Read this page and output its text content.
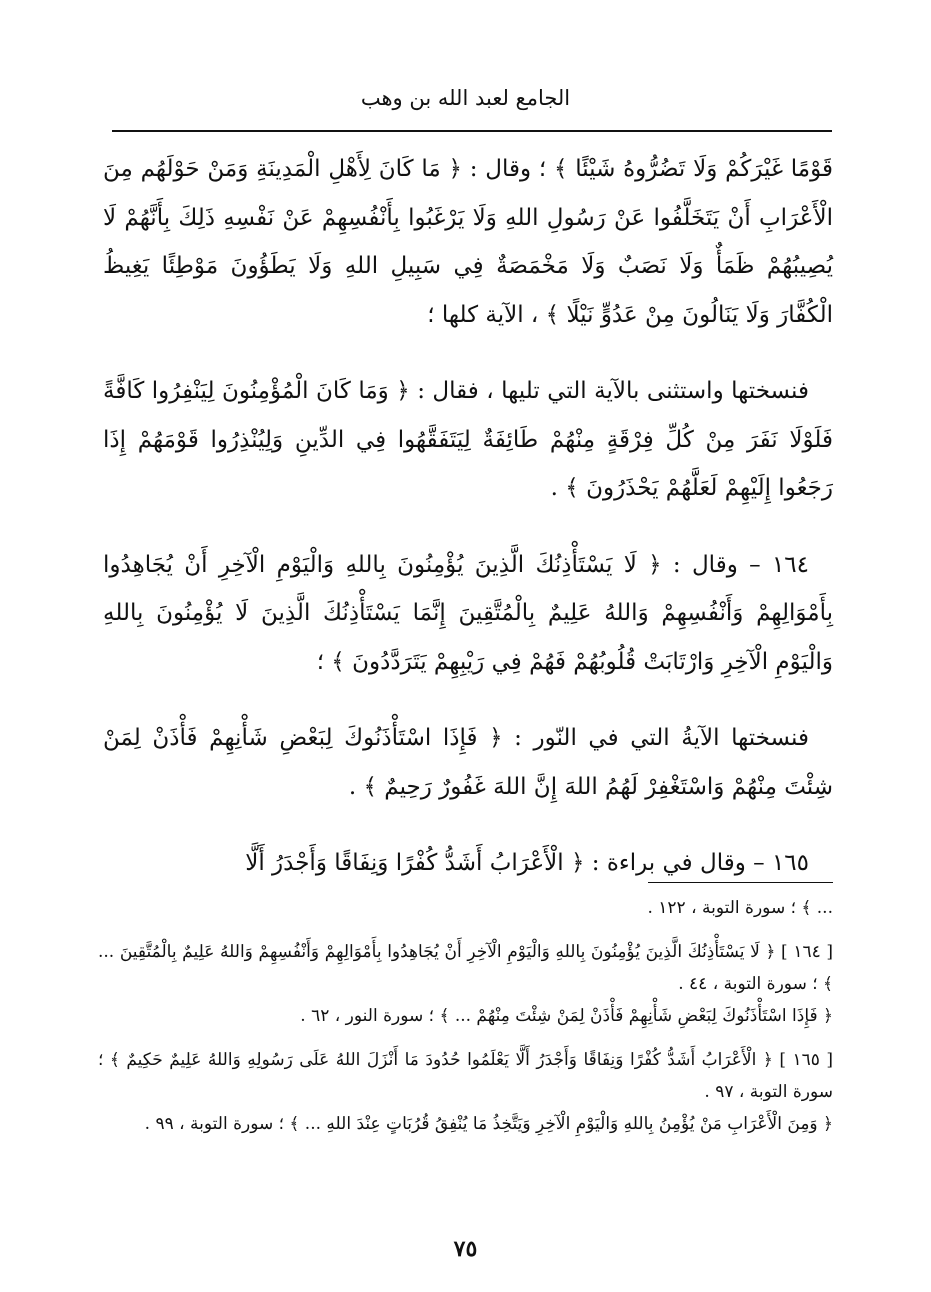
الجامع لعبد الله بن وهب

قَوْمًا غَيْرَكُمْ وَلَا تَضُرُّوهُ شَيْئًا ﴾ ؛ وقال : ﴿ مَا كَانَ لِأَهْلِ الْمَدِينَةِ وَمَنْ حَوْلَهُم مِنَ الْأَعْرَابِ أَنْ يَتَخَلَّفُوا عَنْ رَسُولِ اللهِ وَلَا يَرْغَبُوا بِأَنْفُسِهِمْ عَنْ نَفْسِهِ ذَلِكَ بِأَنَّهُمْ لَا يُصِيبُهُمْ ظَمَأٌ وَلَا نَصَبٌ وَلَا مَخْمَصَةٌ فِي سَبِيلِ اللهِ وَلَا يَطَؤُونَ مَوْطِئًا يَغِيظُ الْكُفَّارَ وَلَا يَنَالُونَ مِنْ عَدُوٍّ نَيْلًا ﴾ ، الآية كلها ؛

فنسختها واستثنى بالآية التي تليها ، فقال : ﴿ وَمَا كَانَ الْمُؤْمِنُونَ لِيَنْفِرُوا كَافَّةً فَلَوْلَا نَفَرَ مِنْ كُلِّ فِرْقَةٍ مِنْهُمْ طَائِفَةٌ لِيَتَفَقَّهُوا فِي الدِّينِ وَلِيُنْذِرُوا قَوْمَهُمْ إِذَا رَجَعُوا إِلَيْهِمْ لَعَلَّهُمْ يَحْذَرُونَ ﴾ .

١٦٤ – وقال : ﴿ لَا يَسْتَأْذِنُكَ الَّذِينَ يُؤْمِنُونَ بِاللهِ وَالْيَوْمِ الْآخِرِ أَنْ يُجَاهِدُوا بِأَمْوَالِهِمْ وَأَنْفُسِهِمْ وَاللهُ عَلِيمٌ بِالْمُتَّقِينَ إِنَّمَا يَسْتَأْذِنُكَ الَّذِينَ لَا يُؤْمِنُونَ بِاللهِ وَالْيَوْمِ الْآخِرِ وَارْتَابَتْ قُلُوبُهُمْ فَهُمْ فِي رَيْبِهِمْ يَتَرَدَّدُونَ ﴾ ؛

فنسختها الآيةُ التي في النّور : ﴿ فَإِذَا اسْتَأْذَنُوكَ لِبَعْضِ شَأْنِهِمْ فَأْذَنْ لِمَنْ شِئْتَ مِنْهُمْ وَاسْتَغْفِرْ لَهُمُ اللهَ إِنَّ اللهَ غَفُورٌ رَحِيمٌ ﴾ .

١٦٥ – وقال في براءة : ﴿ الْأَعْرَابُ أَشَدُّ كُفْرًا وَنِفَاقًا وَأَجْدَرُ أَلَّا

... ﴾ ؛ سورة التوبة ، ١٢٢ .

[ ١٦٤ ] ﴿ لَا يَسْتَأْذِنُكَ الَّذِينَ يُؤْمِنُونَ بِاللهِ وَالْيَوْمِ الْآخِرِ أَنْ يُجَاهِدُوا بِأَمْوَالِهِمْ وَأَنْفُسِهِمْ وَاللهُ عَلِيمٌ بِالْمُتَّقِينَ ... ﴾ ؛ سورة التوبة ، ٤٤ .

﴿ فَإِذَا اسْتَأْذَنُوكَ لِبَعْضِ شَأْنِهِمْ فَأْذَنْ لِمَنْ شِئْتَ مِنْهُمْ ... ﴾ ؛ سورة النور ، ٦٢ .

[ ١٦٥ ] ﴿ الْأَعْرَابُ أَشَدُّ كُفْرًا وَنِفَاقًا وَأَجْدَرُ أَلَّا يَعْلَمُوا حُدُودَ مَا أَنْزَلَ اللهُ عَلَى رَسُولِهِ وَاللهُ عَلِيمٌ حَكِيمٌ ﴾ ؛ سورة التوبة ، ٩٧ .

﴿ وَمِنَ الْأَعْرَابِ مَنْ يُؤْمِنُ بِاللهِ وَالْيَوْمِ الْآخِرِ وَيَتَّخِذُ مَا يُنْفِقُ قُرُبَاتٍ عِنْدَ اللهِ ... ﴾ ؛ سورة التوبة ، ٩٩ .

٧٥
